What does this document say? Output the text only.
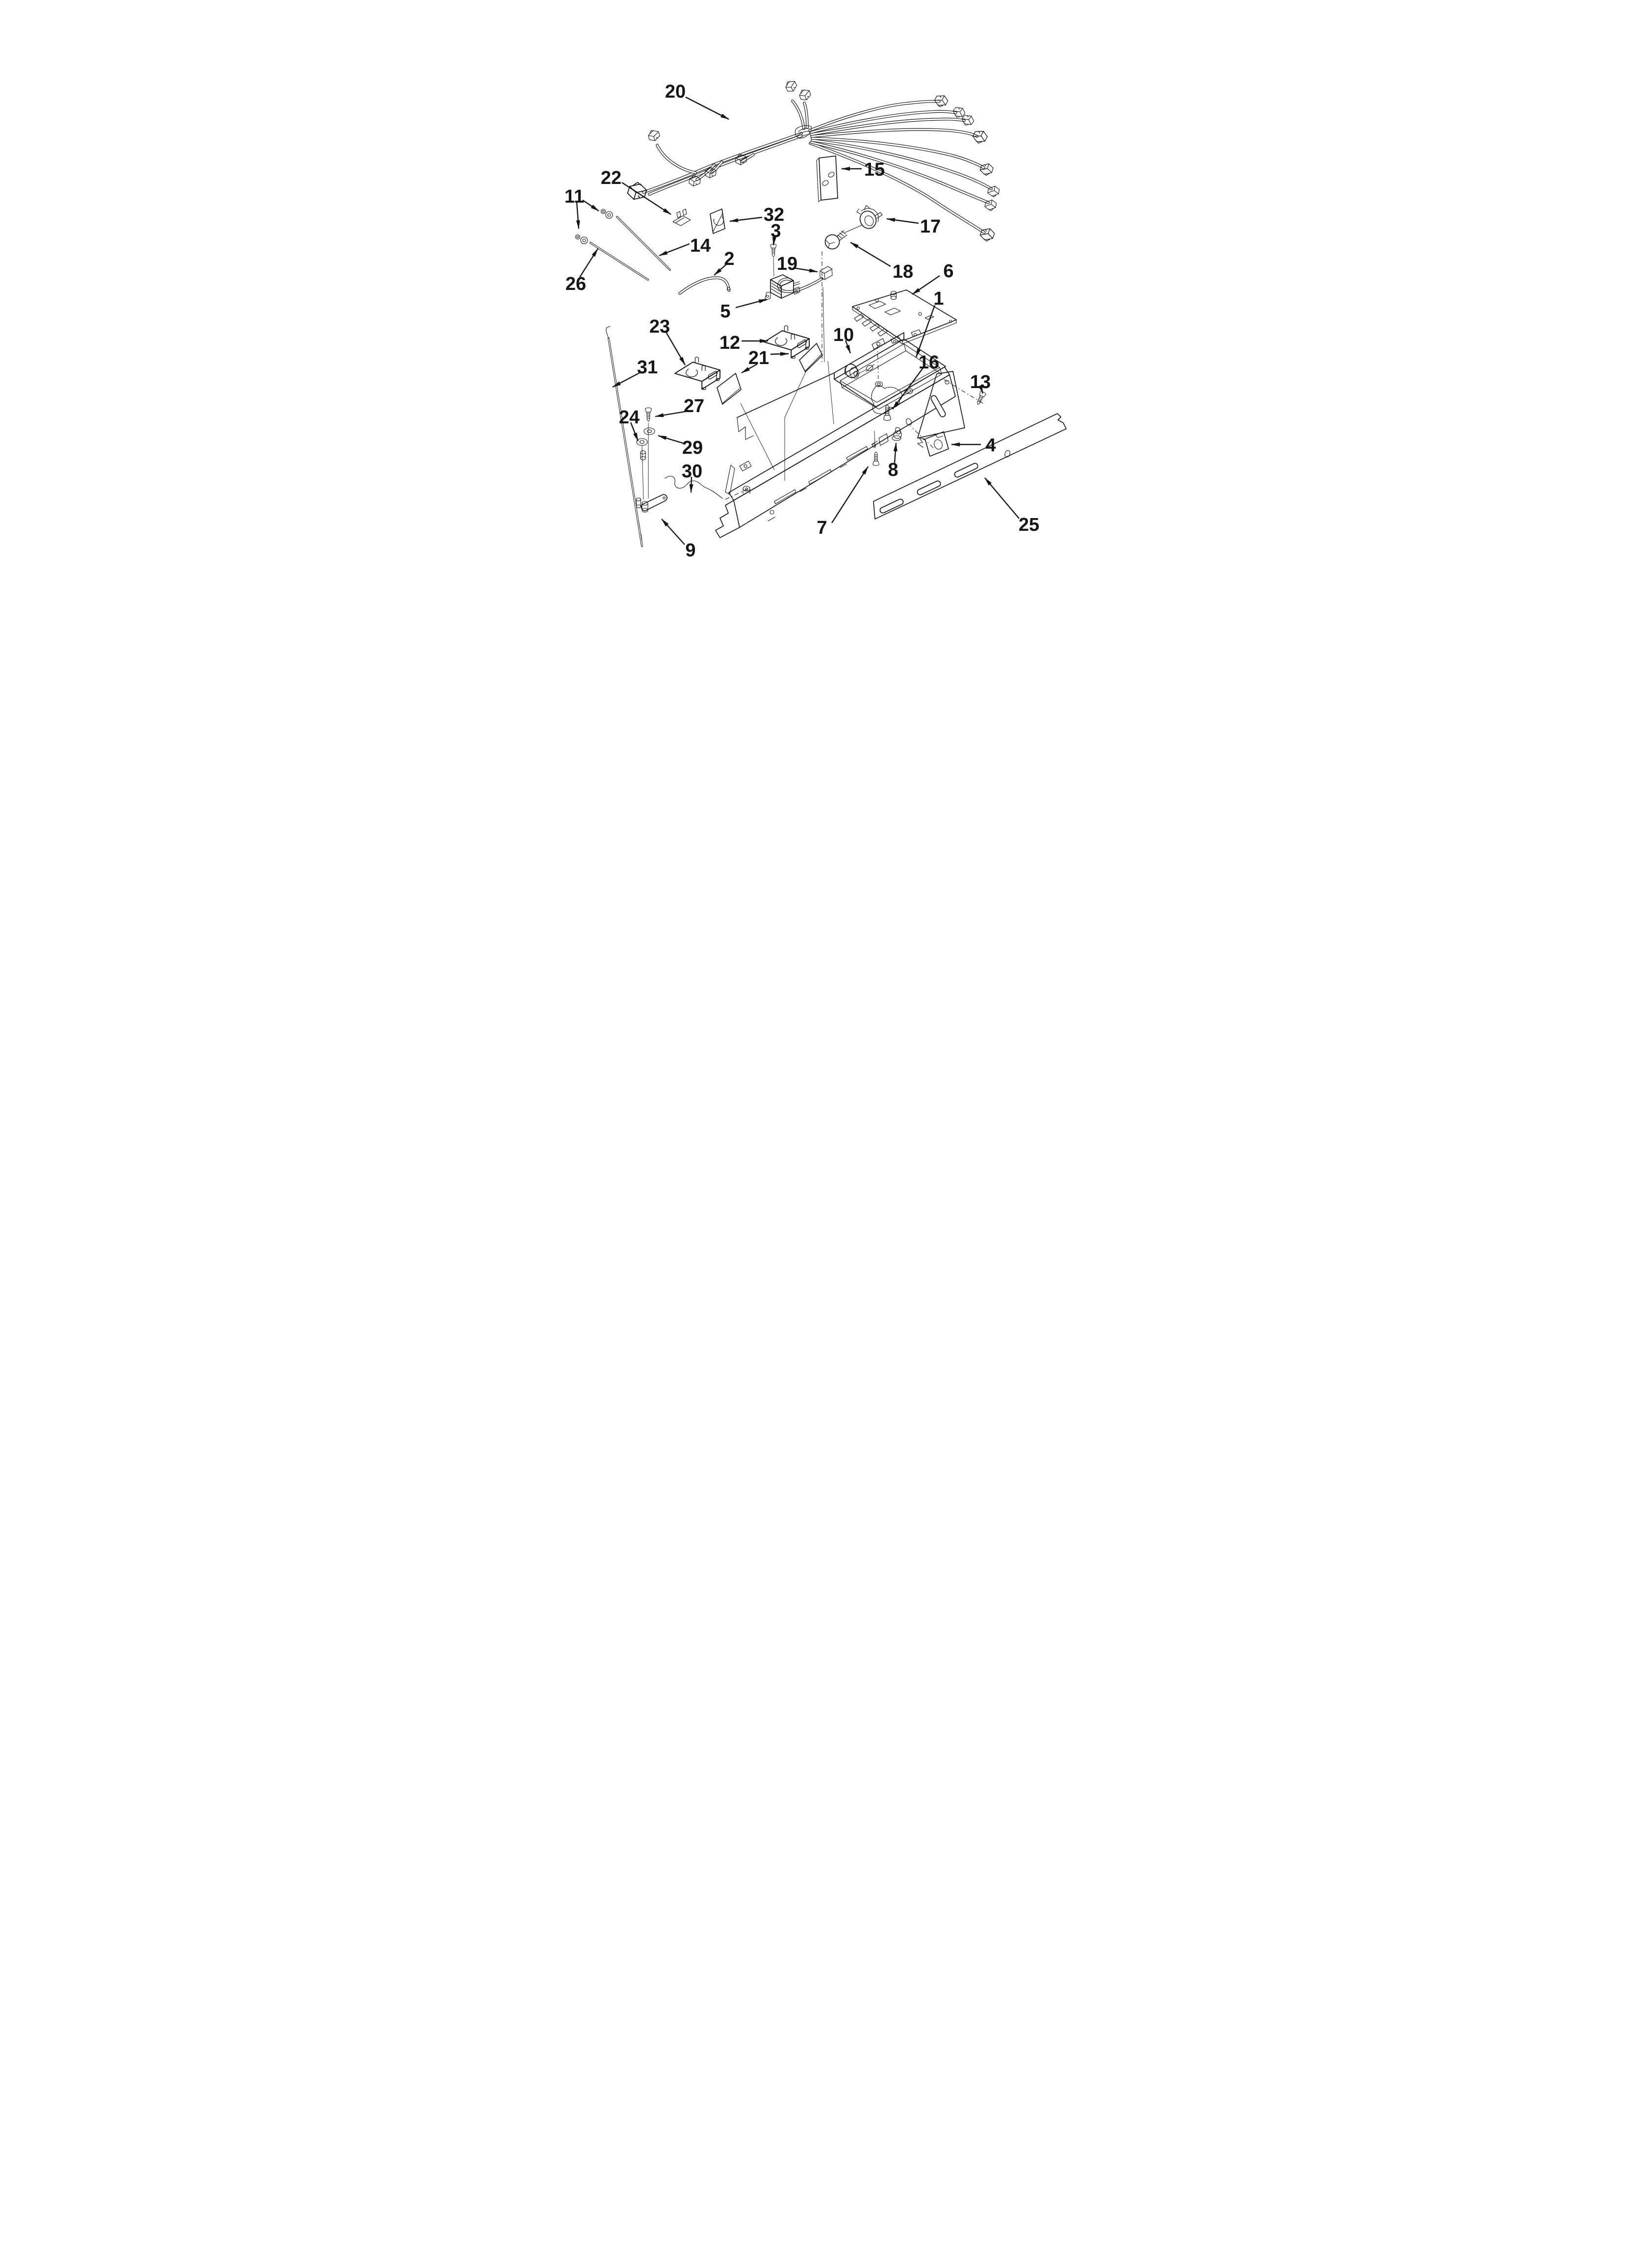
20
22
32
15
17
18
11
14
3
19
2
26
5
6
1
23
12	10
16
21
13
31
27
24
29
30
9
7
8
4
25
